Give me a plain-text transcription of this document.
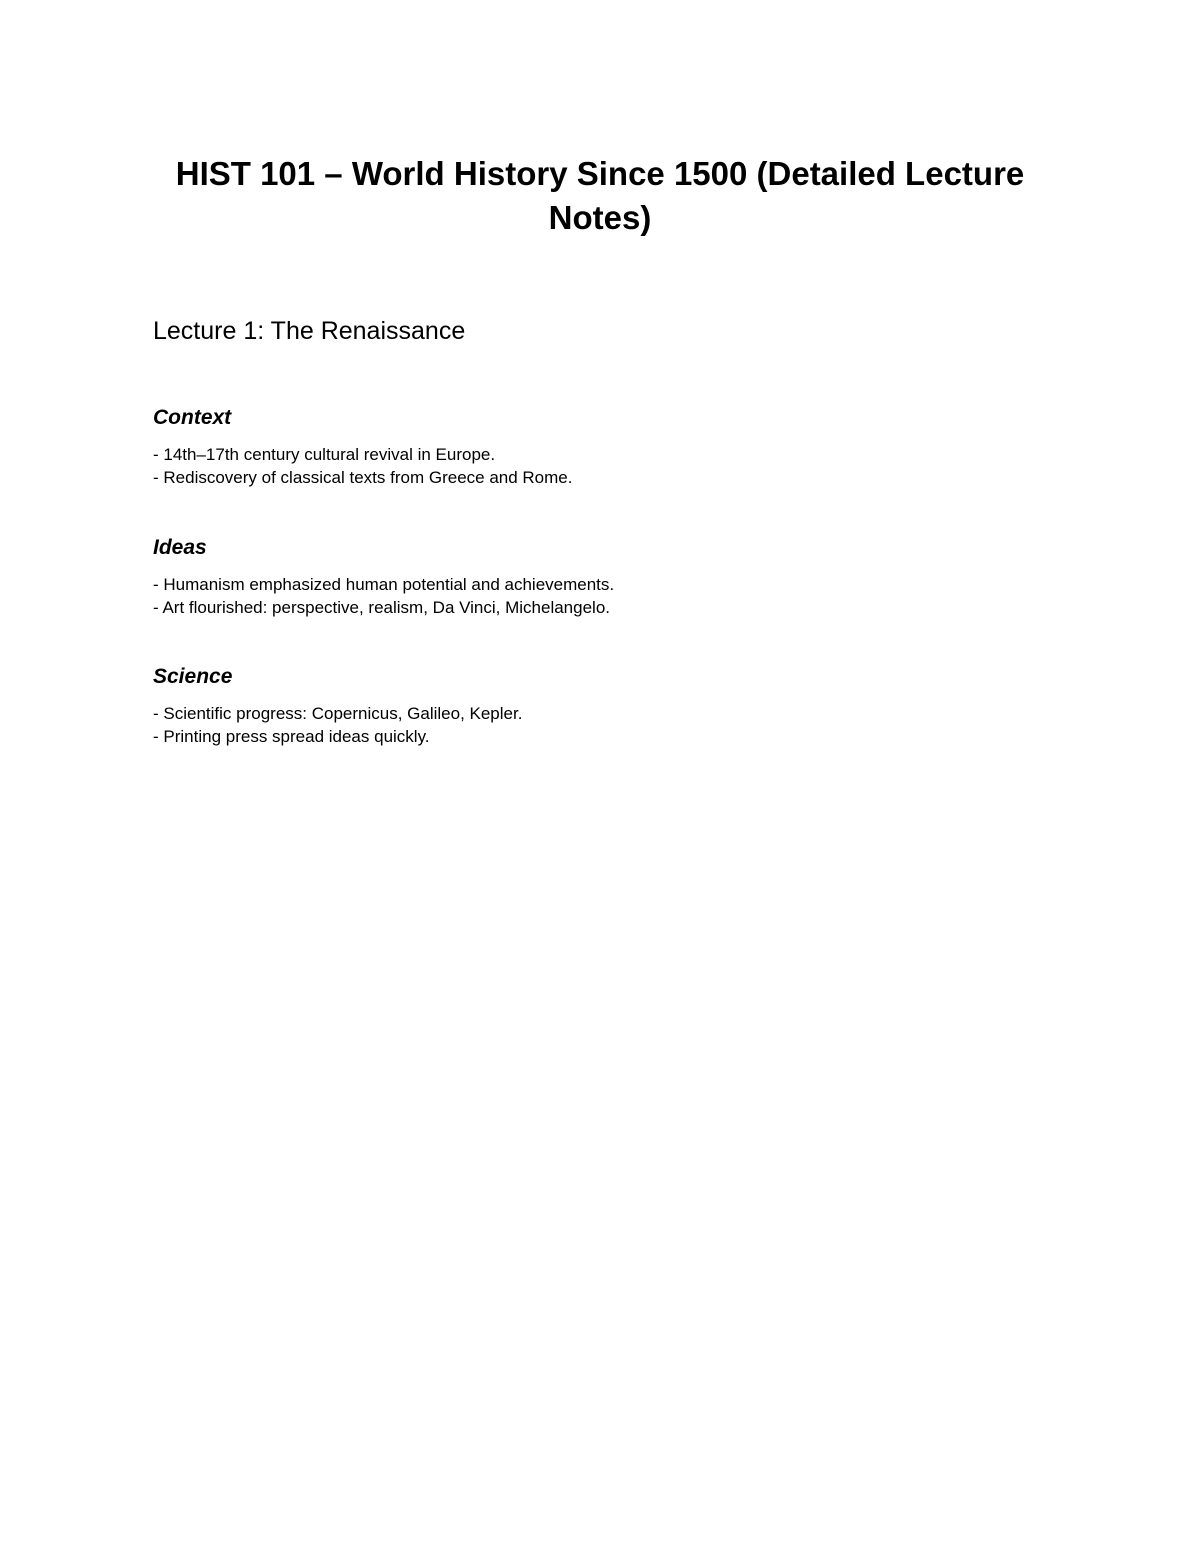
HIST 101 – World History Since 1500 (Detailed Lecture Notes)
Lecture 1: The Renaissance
Context
- 14th–17th century cultural revival in Europe.
- Rediscovery of classical texts from Greece and Rome.
Ideas
- Humanism emphasized human potential and achievements.
- Art flourished: perspective, realism, Da Vinci, Michelangelo.
Science
- Scientific progress: Copernicus, Galileo, Kepler.
- Printing press spread ideas quickly.
